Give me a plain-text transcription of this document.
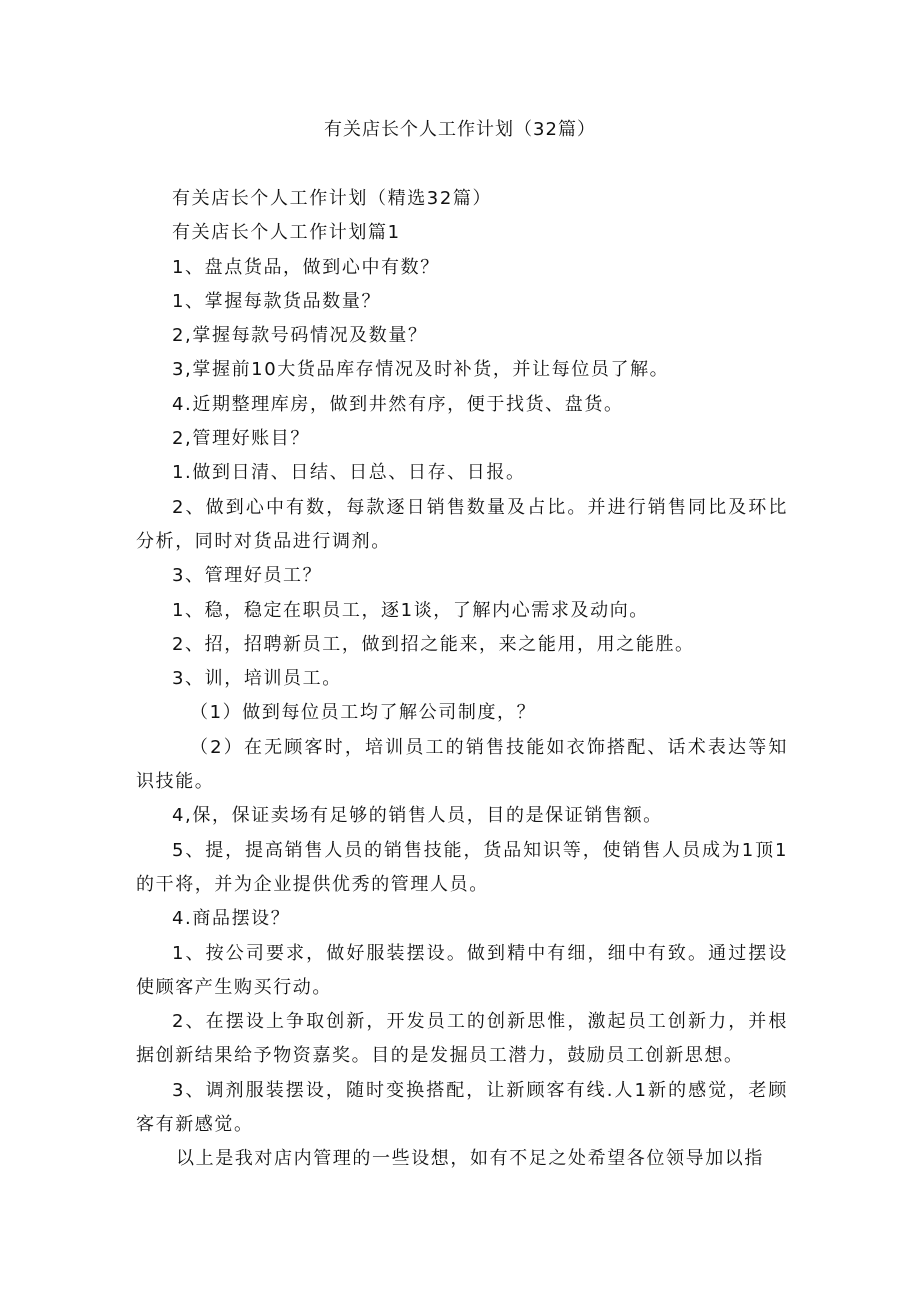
有关店长个人工作计划（32篇）

有关店长个人工作计划（精选32篇）

有关店长个人工作计划篇1

1、盘点货品，做到心中有数？

1、掌握每款货品数量？

2,掌握每款号码情况及数量？

3,掌握前10大货品库存情况及时补货，并让每位员了解。

4.近期整理库房，做到井然有序，便于找货、盘货。

2,管理好账目？

1.做到日清、日结、日总、日存、日报。

2、做到心中有数，每款逐日销售数量及占比。并进行销售同比及环比分析，同时对货品进行调剂。

3、管理好员工？

1、稳，稳定在职员工，逐1谈，了解内心需求及动向。

2、招，招聘新员工，做到招之能来，来之能用，用之能胜。

3、训，培训员工。

（1）做到每位员工均了解公司制度，？

（2）在无顾客时，培训员工的销售技能如衣饰搭配、话术表达等知识技能。

4,保，保证卖场有足够的销售人员，目的是保证销售额。

5、提，提高销售人员的销售技能，货品知识等，使销售人员成为1顶1的干将，并为企业提供优秀的管理人员。

4.商品摆设？

1、按公司要求，做好服装摆设。做到精中有细，细中有致。通过摆设使顾客产生购买行动。

2、在摆设上争取创新，开发员工的创新思惟，激起员工创新力，并根据创新结果给予物资嘉奖。目的是发掘员工潜力，鼓励员工创新思想。

3、调剂服装摆设，随时变换搭配，让新顾客有线.人1新的感觉，老顾客有新感觉。

以上是我对店内管理的一些设想，如有不足之处希望各位领导加以指
